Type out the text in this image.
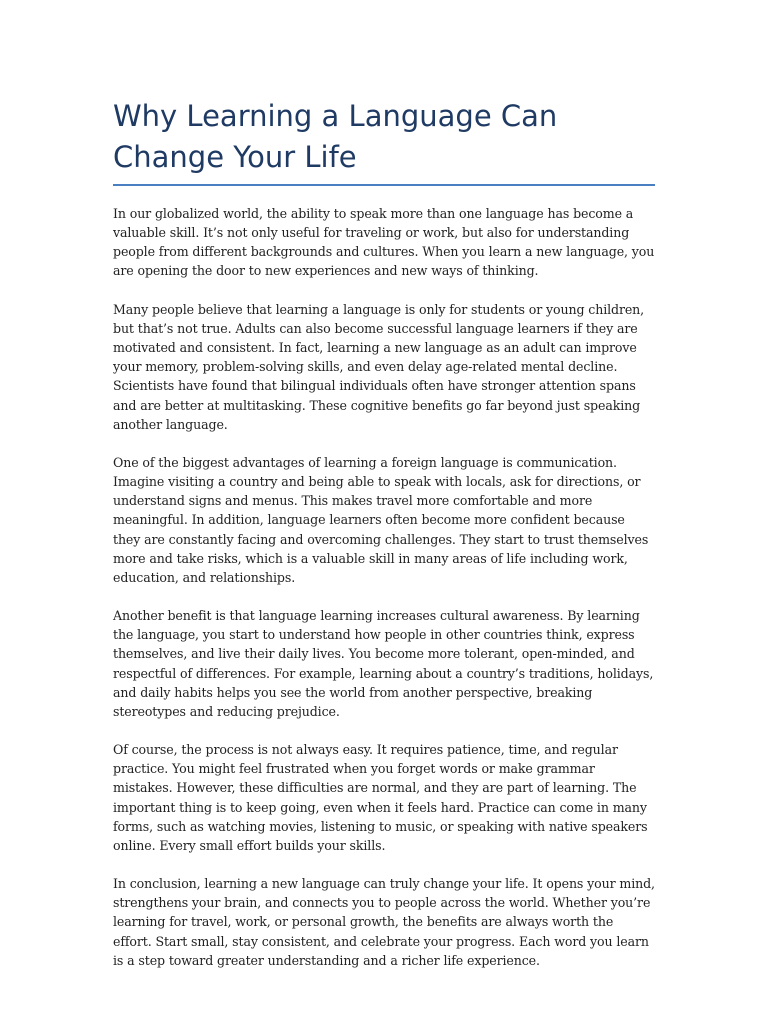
Why Learning a Language Can Change Your Life

In our globalized world, the ability to speak more than one language has become a valuable skill. It’s not only useful for traveling or work, but also for understanding people from different backgrounds and cultures. When you learn a new language, you are opening the door to new experiences and new ways of thinking.

Many people believe that learning a language is only for students or young children, but that’s not true. Adults can also become successful language learners if they are motivated and consistent. In fact, learning a new language as an adult can improve your memory, problem-solving skills, and even delay age-related mental decline. Scientists have found that bilingual individuals often have stronger attention spans and are better at multitasking. These cognitive benefits go far beyond just speaking another language.

One of the biggest advantages of learning a foreign language is communication. Imagine visiting a country and being able to speak with locals, ask for directions, or understand signs and menus. This makes travel more comfortable and more meaningful. In addition, language learners often become more confident because they are constantly facing and overcoming challenges. They start to trust themselves more and take risks, which is a valuable skill in many areas of life including work, education, and relationships.

Another benefit is that language learning increases cultural awareness. By learning the language, you start to understand how people in other countries think, express themselves, and live their daily lives. You become more tolerant, open-minded, and respectful of differences. For example, learning about a country’s traditions, holidays, and daily habits helps you see the world from another perspective, breaking stereotypes and reducing prejudice.

Of course, the process is not always easy. It requires patience, time, and regular practice. You might feel frustrated when you forget words or make grammar mistakes. However, these difficulties are normal, and they are part of learning. The important thing is to keep going, even when it feels hard. Practice can come in many forms, such as watching movies, listening to music, or speaking with native speakers online. Every small effort builds your skills.

In conclusion, learning a new language can truly change your life. It opens your mind, strengthens your brain, and connects you to people across the world. Whether you’re learning for travel, work, or personal growth, the benefits are always worth the effort. Start small, stay consistent, and celebrate your progress. Each word you learn is a step toward greater understanding and a richer life experience.
